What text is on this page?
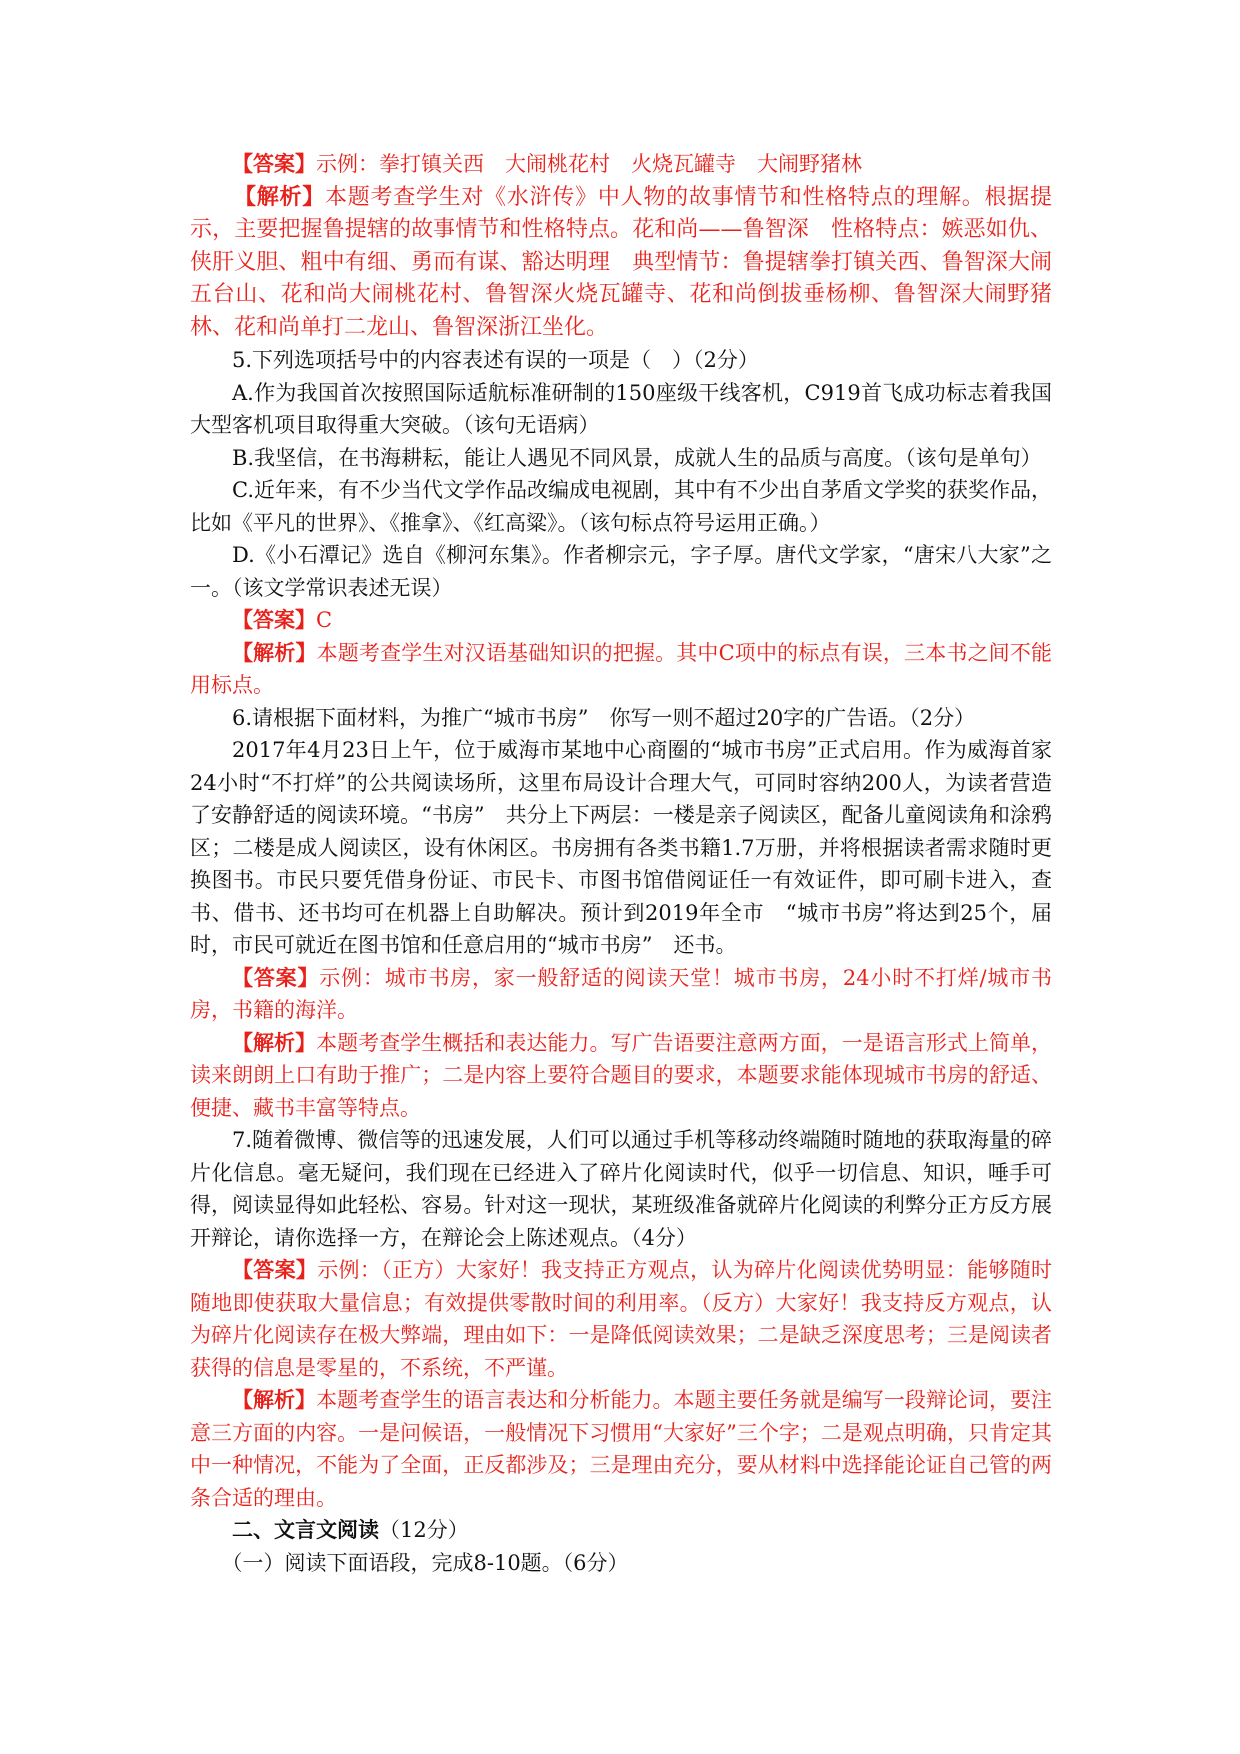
【答案】示例：拳打镇关西　大闹桃花村　火烧瓦罐寺　大闹野猪林

【解析】本题考查学生对《水浒传》中人物的故事情节和性格特点的理解。根据提示，主要把握鲁提辖的故事情节和性格特点。花和尚——鲁智深　性格特点：嫉恶如仇、侠肝义胆、粗中有细、勇而有谋、豁达明理　典型情节：鲁提辖拳打镇关西、鲁智深大闹五台山、花和尚大闹桃花村、鲁智深火烧瓦罐寺、花和尚倒拔垂杨柳、鲁智深大闹野猪林、花和尚单打二龙山、鲁智深浙江坐化。

5.下列选项括号中的内容表述有误的一项是（　）（2分）

A.作为我国首次按照国际适航标准研制的150座级干线客机，C919首飞成功标志着我国大型客机项目取得重大突破。（该句无语病）

B.我坚信，在书海耕耘，能让人遇见不同风景，成就人生的品质与高度。（该句是单句）

C.近年来，有不少当代文学作品改编成电视剧，其中有不少出自茅盾文学奖的获奖作品，比如《平凡的世界》、《推拿》、《红高粱》。（该句标点符号运用正确。）

D.《小石潭记》选自《柳河东集》。作者柳宗元，字子厚。唐代文学家，“唐宋八大家”之一。（该文学常识表述无误）

【答案】C

【解析】本题考查学生对汉语基础知识的把握。其中C项中的标点有误，三本书之间不能用标点。

6.请根据下面材料，为推广“城市书房”　你写一则不超过20字的广告语。（2分）

2017年4月23日上午，位于威海市某地中心商圈的“城市书房”正式启用。作为威海首家24小时“不打烊”的公共阅读场所，这里布局设计合理大气，可同时容纳200人，为读者营造了安静舒适的阅读环境。“书房”　共分上下两层：一楼是亲子阅读区，配备儿童阅读角和涂鸦区；二楼是成人阅读区，设有休闲区。书房拥有各类书籍1.7万册，并将根据读者需求随时更换图书。市民只要凭借身份证、市民卡、市图书馆借阅证任一有效证件，即可刷卡进入，查书、借书、还书均可在机器上自助解决。预计到2019年全市　“城市书房”将达到25个，届时，市民可就近在图书馆和任意启用的“城市书房”　还书。

【答案】示例：城市书房，家一般舒适的阅读天堂！城市书房，24小时不打烊/城市书房，书籍的海洋。

【解析】本题考查学生概括和表达能力。写广告语要注意两方面，一是语言形式上简单，读来朗朗上口有助于推广；二是内容上要符合题目的要求，本题要求能体现城市书房的舒适、便捷、藏书丰富等特点。

7.随着微博、微信等的迅速发展，人们可以通过手机等移动终端随时随地的获取海量的碎片化信息。毫无疑问，我们现在已经进入了碎片化阅读时代，似乎一切信息、知识，唾手可得，阅读显得如此轻松、容易。针对这一现状，某班级准备就碎片化阅读的利弊分正方反方展开辩论，请你选择一方，在辩论会上陈述观点。（4分）

【答案】示例：（正方）大家好！我支持正方观点，认为碎片化阅读优势明显：能够随时随地即使获取大量信息；有效提供零散时间的利用率。（反方）大家好！我支持反方观点，认为碎片化阅读存在极大弊端，理由如下：一是降低阅读效果；二是缺乏深度思考；三是阅读者获得的信息是零星的，不系统，不严谨。

【解析】本题考查学生的语言表达和分析能力。本题主要任务就是编写一段辩论词，要注意三方面的内容。一是问候语，一般情况下习惯用“大家好”三个字；二是观点明确，只肯定其中一种情况，不能为了全面，正反都涉及；三是理由充分，要从材料中选择能论证自己管的两条合适的理由。

二、文言文阅读（12分）

（一）阅读下面语段，完成8-10题。（6分）
